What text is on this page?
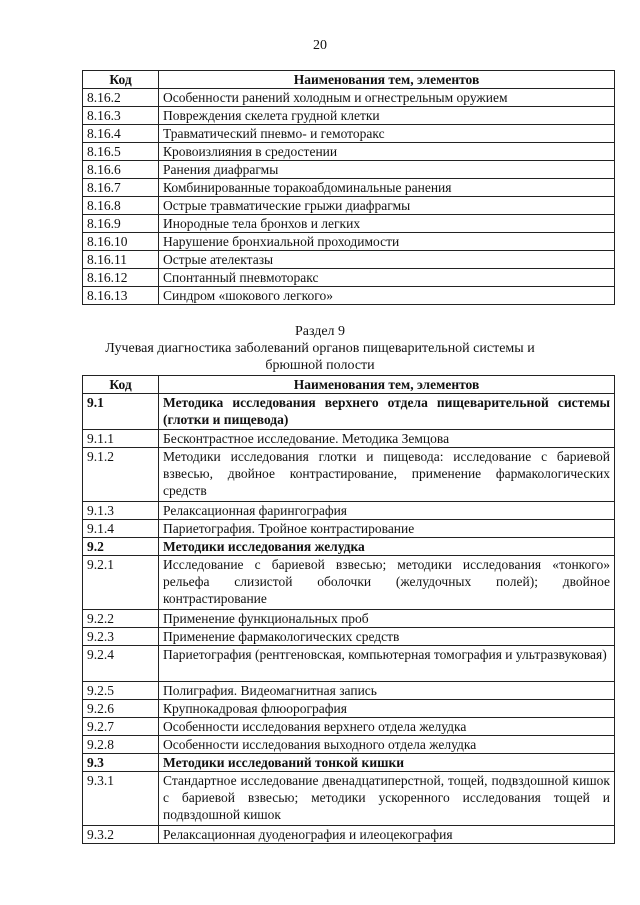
20
Код	Наименования тем, элементов
8.16.2	Особенности ранений холодным и огнестрельным оружием
8.16.3	Повреждения скелета грудной клетки
8.16.4	Травматический пневмо- и гемоторакс
8.16.5	Кровоизлияния в средостении
8.16.6	Ранения диафрагмы
8.16.7	Комбинированные торакоабдоминальные ранения
8.16.8	Острые травматические грыжи диафрагмы
8.16.9	Инородные тела бронхов и легких
8.16.10	Нарушение бронхиальной проходимости
8.16.11	Острые ателектазы
8.16.12	Спонтанный пневмоторакс
8.16.13	Синдром «шокового легкого»
Раздел 9
Лучевая диагностика заболеваний органов пищеварительной системы и брюшной полости
Код	Наименования тем, элементов
9.1	Методика исследования верхнего отдела пищеварительной системы (глотки и пищевода)
9.1.1	Бесконтрастное исследование. Методика Земцова
9.1.2	Методики исследования глотки и пищевода: исследование с бариевой взвесью, двойное контрастирование, применение фармакологических средств
9.1.3	Релаксационная фарингография
9.1.4	Париетография. Тройное контрастирование
9.2	Методики исследования желудка
9.2.1	Исследование с бариевой взвесью; методики исследования «тонкого» рельефа слизистой оболочки (желудочных полей); двойное контрастирование
9.2.2	Применение функциональных проб
9.2.3	Применение фармакологических средств
9.2.4	Париетография (рентгеновская, компьютерная томография и ультразвуковая)
9.2.5	Полиграфия. Видеомагнитная запись
9.2.6	Крупнокадровая флюорография
9.2.7	Особенности исследования верхнего отдела желудка
9.2.8	Особенности исследования выходного отдела желудка
9.3	Методики исследований тонкой кишки
9.3.1	Стандартное исследование двенадцатиперстной, тощей, подвздошной кишок с бариевой взвесью; методики ускоренного исследования тощей и подвздошной кишок
9.3.2	Релаксационная дуоденография и илеоцекография
